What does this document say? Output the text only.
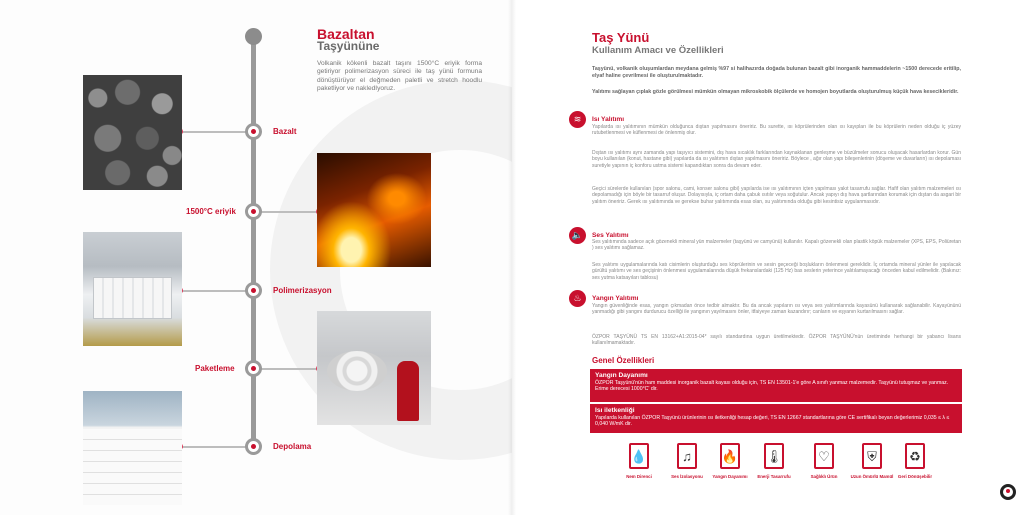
Bazalt
1500°C eriyik
Polimerizasyon
Paketleme
Depolama
Bazaltan
Taşyününe
Volkanik kökenli bazalt taşını 1500°C eriyik forma getiriyor polimerizasyon süreci ile taş yünü formuna dönüştürüyor el değmeden paletli ve stretch hoodlu paketliyor ve nakledIyoruz.
Taş Yünü
Kullanım Amacı ve Özellikleri
Taşyünü, volkanik oluşumlardan meydana gelmiş %97 si halihazırda doğada bulunan bazalt gibi inorganik hammaddelerin ~1500 derecede eritilip, elyaf haline çevrilmesi ile oluşturulmaktadır.
Yalıtımı sağlayan çıplak gözle görülmesi mümkün olmayan mikroskobik ölçülerde ve homojen boyutlarda oluşturulmuş küçük hava kesecikleridir.
≋	Isı Yalıtımı
Yapılarda ısı yalıtımının mümkün olduğunca dıştan yapılmasını öneririz. Bu surette, ısı köprülerinden olan ısı kayıpları ile bu köprülerin neden olduğu iç yüzey rutubetlenmesi ve küflenmesi de önlenmiş olur.
Dıştan ısı yalıtımı aynı zamanda yapı taşıyıcı sistemini, dış hava sıcaklık farklarından kaynaklanan genleşme ve büzülmeler sonucu oluşacak hasarlardan korur. Gün boyu kullanılan (konut, hastane gibi) yapılarda da ısı yalıtımın dıştan yapılmasını öneririz. Böylece , ağır olan yapı bileşenlerinin (döşeme ve duvarların) ısı depolaması suretiyle yapının iç konforu ustma sistemi kapandıktan sonra da devam eder.
Geçici sürelerde kullanılan (spor salonu, cami, konser salonu gibi) yapılarda ise ısı yalıtımının içten yapılması yakıt tasarrufu sağlar. Hafif olan yalıtım malzemeleri ısı depolamadığı için böyle bir tasarruf oluşur. Dolayısıyla, iç ortam daha çabuk ısıtılır veya soğutulur. Ancak yapıyı dış hava şartlarından korumak için dıştan da asgari bir yalıtım öneririz. Gerek ısı yalıtımında ve gerekse buhar yalıtımında esas olan, su yalıtımında olduğu gibi kesintisiz uygulanmasıdır.
🔈	Ses Yalıtımı
Ses yalıtımında sadece açık gözenekli mineral yün malzemeler (taşyünü ve camyünü) kullanılır. Kapalı gözenekli olan plastik köpük malzemeler (XPS, EPS, Poliüretan ) ses yalıtımı sağlamaz.
Ses yalıtımı uygulamalarında katı cisimlerin oluşturduğu ses köprülerinin ve sesin geçeceği boşlukların önlenmesi gereklidir. İç ortamda mineral yünler ile yapılacak gürültü yalıtımı ve ses geçişinin önlenmesi uygulamalarında düşük frekanslardaki (125 Hz) bas seslerin yeterince yalıtılamayacağı önceden kabul edilmelidir. (Bakınız: ses yutma katsayıları tablosu)
♨	Yangın Yalıtımı
Yangın güvenliğinde esas, yangın çıkmadan önce tedbir almaktır. Bu da ancak yapıların ısı veya ses yalıtımlarında kayasünü kullanarak sağlanabilir. Kayayününü yanmadığı gibi yangını durdurucu özelliği ile yangının yayılmasını önler, itfaiyeye zaman kazandırır; canların ve eşyanın kurtarılmasını sağlar.
ÖZPOR TAŞYÜNÜ TS EN 13162+A1:2015-04* sayılı standardına uygun üretilmektedir. ÖZPOR TAŞYÜNÜ'nün üretiminde herhangi bir yabancı lisans kullanılmamaktadır.
Genel Özellikleri
Yangın Dayanımı
ÖZPOR Taşyünü'nün ham maddesi inorganik bazalt kayası olduğu için, TS EN 13501-1'e göre A sınıfı yanmaz malzemedir. Taşyünü tutuşmaz ve yanmaz. Erime derecesi 1000°C' dir.
Isı iletkenliği
Yapılarda kullanılan ÖZPOR Taşyünü ürünlerinin ısı iletkenliği hesap değeri, TS EN 12667 standartlarına göre CE sertifikalı beyan değerlerimiz 0,035 ≤ λ ≤ 0,040 W/mK dir.
💧
Nem Direnci
♫
Ses İzolasyonu
🔥
Yangın Dayanımı
🌡
Enerji Tasarrufu
♡
Sağlıklı Ürün
⛨
Uzun Ömürlü Mamül
♻
Geri Dönüşebilir
